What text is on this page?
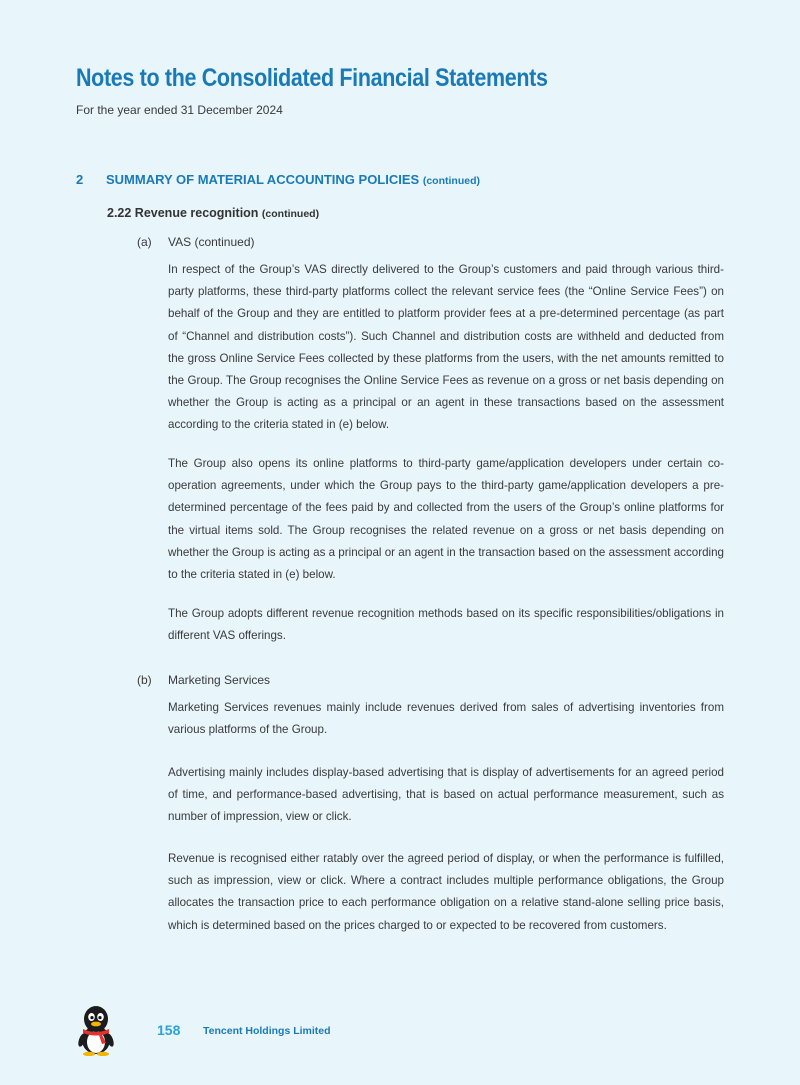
Notes to the Consolidated Financial Statements
For the year ended 31 December 2024
2 SUMMARY OF MATERIAL ACCOUNTING POLICIES (continued)
2.22 Revenue recognition (continued)
(a) VAS (continued)

In respect of the Group’s VAS directly delivered to the Group’s customers and paid through various third-party platforms, these third-party platforms collect the relevant service fees (the “Online Service Fees”) on behalf of the Group and they are entitled to platform provider fees at a pre-determined percentage (as part of “Channel and distribution costs”). Such Channel and distribution costs are withheld and deducted from the gross Online Service Fees collected by these platforms from the users, with the net amounts remitted to the Group. The Group recognises the Online Service Fees as revenue on a gross or net basis depending on whether the Group is acting as a principal or an agent in these transactions based on the assessment according to the criteria stated in (e) below.

The Group also opens its online platforms to third-party game/application developers under certain co-operation agreements, under which the Group pays to the third-party game/application developers a pre-determined percentage of the fees paid by and collected from the users of the Group’s online platforms for the virtual items sold. The Group recognises the related revenue on a gross or net basis depending on whether the Group is acting as a principal or an agent in the transaction based on the assessment according to the criteria stated in (e) below.

The Group adopts different revenue recognition methods based on its specific responsibilities/obligations in different VAS offerings.

(b) Marketing Services

Marketing Services revenues mainly include revenues derived from sales of advertising inventories from various platforms of the Group.

Advertising mainly includes display-based advertising that is display of advertisements for an agreed period of time, and performance-based advertising, that is based on actual performance measurement, such as number of impression, view or click.

Revenue is recognised either ratably over the agreed period of display, or when the performance is fulfilled, such as impression, view or click. Where a contract includes multiple performance obligations, the Group allocates the transaction price to each performance obligation on a relative stand-alone selling price basis, which is determined based on the prices charged to or expected to be recovered from customers.

158 Tencent Holdings Limited
